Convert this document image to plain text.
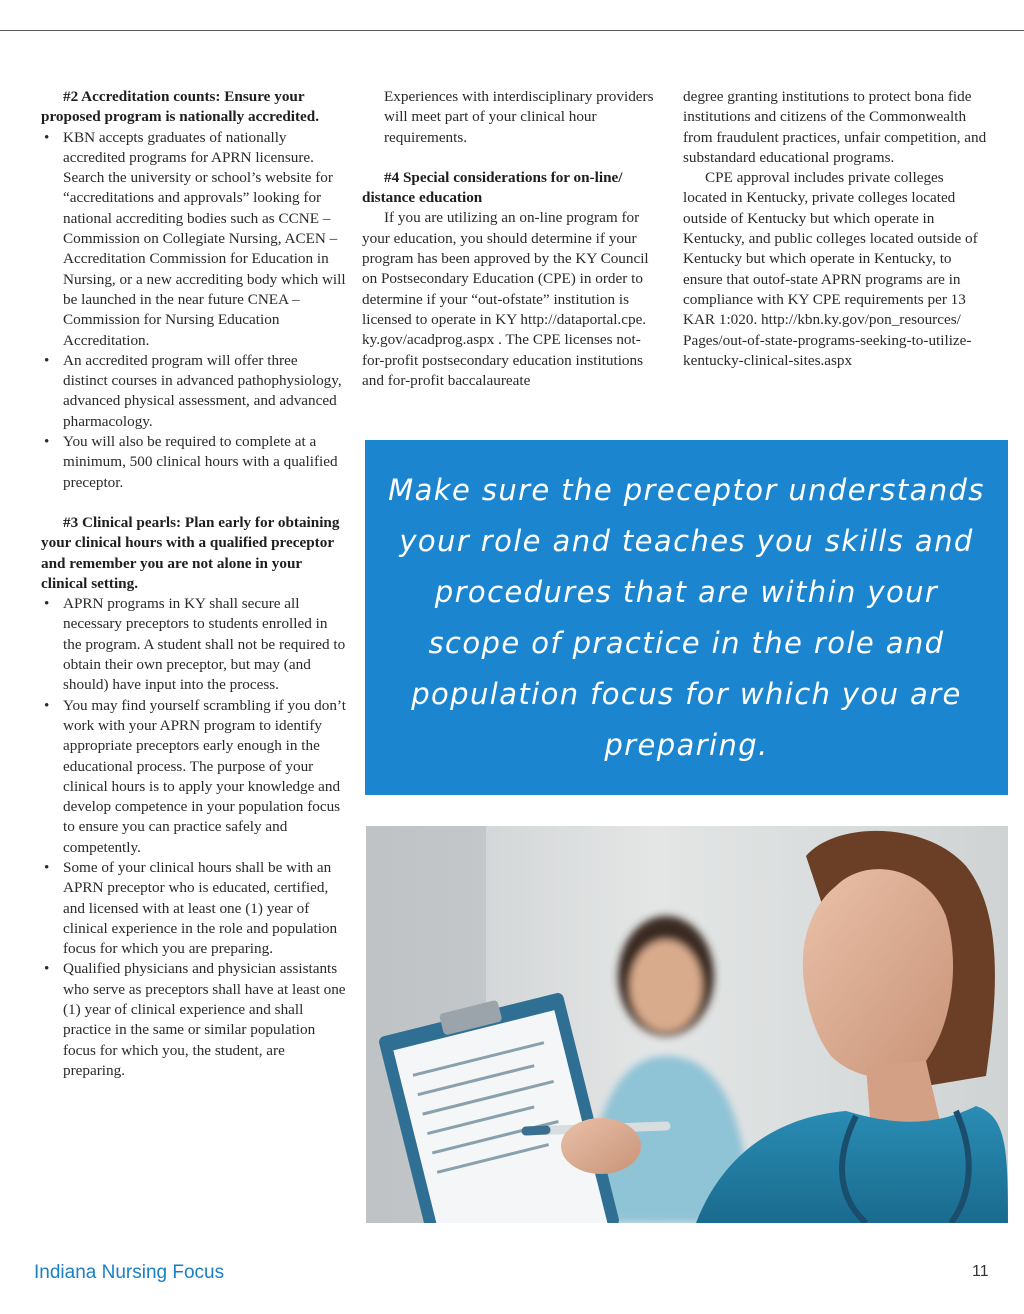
#2 Accreditation counts: Ensure your proposed program is nationally accredited.

• KBN accepts graduates of nationally accredited programs for APRN licensure. Search the university or school’s website for “accreditations and approvals” looking for national accrediting bodies such as CCNE – Commission on Collegiate Nursing, ACEN –Accreditation Commission for Education in Nursing, or a new accrediting body which will be launched in the near future CNEA – Commission for Nursing Education Accreditation.
• An accredited program will offer three distinct courses in advanced pathophysiology, advanced physical assessment, and advanced pharmacology.
• You will also be required to complete at a minimum, 500 clinical hours with a qualified preceptor.

#3 Clinical pearls: Plan early for obtaining your clinical hours with a qualified preceptor and remember you are not alone in your clinical setting.

• APRN programs in KY shall secure all necessary preceptors to students enrolled in the program. A student shall not be required to obtain their own preceptor, but may (and should) have input into the process.
• You may find yourself scrambling if you don’t work with your APRN program to identify appropriate preceptors early enough in the educational process. The purpose of your clinical hours is to apply your knowledge and develop competence in your population focus to ensure you can practice safely and competently.
• Some of your clinical hours shall be with an APRN preceptor who is educated, certified, and licensed with at least one (1) year of clinical experience in the role and population focus for which you are preparing.
• Qualified physicians and physician assistants who serve as preceptors shall have at least one (1) year of clinical experience and shall practice in the same or similar population focus for which you, the student, are preparing.

Experiences with interdisciplinary providers will meet part of your clinical hour requirements.

#4 Special considerations for on-line/ distance education

If you are utilizing an on-line program for your education, you should determine if your program has been approved by the KY Council on Postsecondary Education (CPE) in order to determine if your “out-ofstate” institution is licensed to operate in KY http://dataportal.cpe. ky.gov/acadprog.aspx . The CPE licenses not-for-profit postsecondary education institutions and for-profit baccalaureate

degree granting institutions to protect bona fide institutions and citizens of the Commonwealth from fraudulent practices, unfair competition, and substandard educational programs.

CPE approval includes private colleges located in Kentucky, private colleges located outside of Kentucky but which operate in Kentucky, and public colleges located outside of Kentucky but which operate in Kentucky, to ensure that outof-state APRN programs are in compliance with KY CPE requirements per 13 KAR 1:020. http://kbn.ky.gov/pon_resources/ Pages/out-of-state-programs-seeking-to-utilize-kentucky-clinical-sites.aspx

Make sure the preceptor understands your role and teaches you skills and procedures that are within your scope of practice in the role and population focus for which you are preparing.

Indiana Nursing Focus	11
